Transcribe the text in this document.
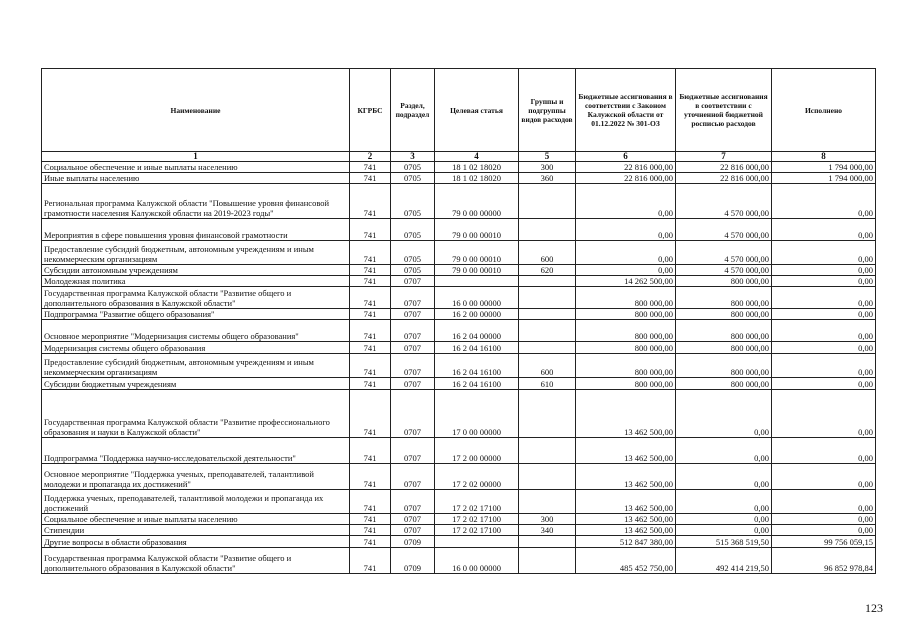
Наименование	КГРБС	Раздел, подраздел	Целевая статья	Группы и подгруппы видов расходов	Бюджетные ассигнования в соответствии с Законом Калужской области от 01.12.2022 № 301-ОЗ	Бюджетные ассигнования в соответствии с уточненной бюджетной росписью расходов	Исполнено
1	2	3	4	5	6	7	8
Социальное обеспечение и иные выплаты населению	741	0705	18 1 02 18020	300	22 816 000,00	22 816 000,00	1 794 000,00
Иные выплаты населению	741	0705	18 1 02 18020	360	22 816 000,00	22 816 000,00	1 794 000,00
Региональная программа Калужской области "Повышение уровня финансовой грамотности населения Калужской области на 2019-2023 годы"	741	0705	79 0 00 00000		0,00	4 570 000,00	0,00
Мероприятия в сфере повышения уровня финансовой грамотности	741	0705	79 0 00 00010		0,00	4 570 000,00	0,00
Предоставление субсидий бюджетным, автономным учреждениям и иным некоммерческим организациям	741	0705	79 0 00 00010	600	0,00	4 570 000,00	0,00
Субсидии автономным учреждениям	741	0705	79 0 00 00010	620	0,00	4 570 000,00	0,00
Молодежная политика	741	0707			14 262 500,00	800 000,00	0,00
Государственная программа Калужской области "Развитие общего и дополнительного образования в Калужской области"	741	0707	16 0 00 00000		800 000,00	800 000,00	0,00
Подпрограмма "Развитие общего образования"	741	0707	16 2 00 00000		800 000,00	800 000,00	0,00
Основное мероприятие "Модернизация системы общего образования"	741	0707	16 2 04 00000		800 000,00	800 000,00	0,00
Модернизация системы общего образования	741	0707	16 2 04 16100		800 000,00	800 000,00	0,00
Предоставление субсидий бюджетным, автономным учреждениям и иным некоммерческим организациям	741	0707	16 2 04 16100	600	800 000,00	800 000,00	0,00
Субсидии бюджетным учреждениям	741	0707	16 2 04 16100	610	800 000,00	800 000,00	0,00
Государственная программа Калужской области "Развитие профессионального образования и науки в Калужской области"	741	0707	17 0 00 00000		13 462 500,00	0,00	0,00
Подпрограмма "Поддержка научно-исследовательской деятельности"	741	0707	17 2 00 00000		13 462 500,00	0,00	0,00
Основное мероприятие "Поддержка ученых, преподавателей, талантливой молодежи и пропаганда их достижений"	741	0707	17 2 02 00000		13 462 500,00	0,00	0,00
Поддержка ученых, преподавателей, талантливой молодежи и пропаганда их достижений	741	0707	17 2 02 17100		13 462 500,00	0,00	0,00
Социальное обеспечение и иные выплаты населению	741	0707	17 2 02 17100	300	13 462 500,00	0,00	0,00
Стипендии	741	0707	17 2 02 17100	340	13 462 500,00	0,00	0,00
Другие вопросы в области образования	741	0709			512 847 380,00	515 368 519,50	99 756 059,15
Государственная программа Калужской области "Развитие общего и дополнительного образования в Калужской области"	741	0709	16 0 00 00000		485 452 750,00	492 414 219,50	96 852 978,84
123
